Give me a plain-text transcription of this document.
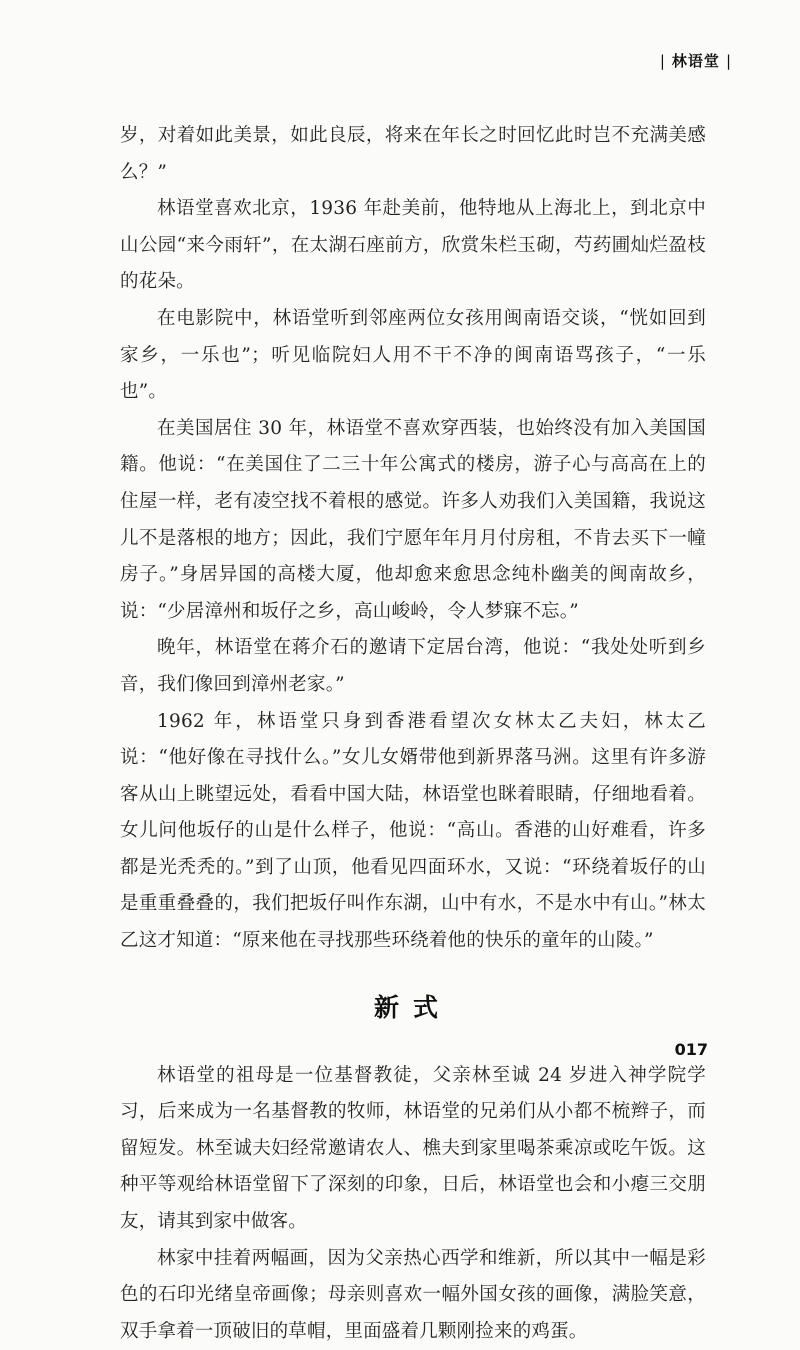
| 林语堂 |

岁，对着如此美景，如此良辰，将来在年长之时回忆此时岂不充满美感么？”

林语堂喜欢北京，1936 年赴美前，他特地从上海北上，到北京中山公园“来今雨轩”，在太湖石座前方，欣赏朱栏玉砌，芍药圃灿烂盈枝的花朵。

在电影院中，林语堂听到邻座两位女孩用闽南语交谈，“恍如回到家乡，一乐也”；听见临院妇人用不干不净的闽南语骂孩子，“一乐也”。

在美国居住 30 年，林语堂不喜欢穿西装，也始终没有加入美国国籍。他说：“在美国住了二三十年公寓式的楼房，游子心与高高在上的住屋一样，老有凌空找不着根的感觉。许多人劝我们入美国籍，我说这儿不是落根的地方；因此，我们宁愿年年月月付房租，不肯去买下一幢房子。”身居异国的高楼大厦，他却愈来愈思念纯朴幽美的闽南故乡，说：“少居漳州和坂仔之乡，高山峻岭，令人梦寐不忘。”

晚年，林语堂在蒋介石的邀请下定居台湾，他说：“我处处听到乡音，我们像回到漳州老家。”

1962 年，林语堂只身到香港看望次女林太乙夫妇，林太乙说：“他好像在寻找什么。”女儿女婿带他到新界落马洲。这里有许多游客从山上眺望远处，看看中国大陆，林语堂也眯着眼睛，仔细地看着。女儿问他坂仔的山是什么样子，他说：“高山。香港的山好难看，许多都是光秃秃的。”到了山顶，他看见四面环水，又说：“环绕着坂仔的山是重重叠叠的，我们把坂仔叫作东湖，山中有水，不是水中有山。”林太乙这才知道：“原来他在寻找那些环绕着他的快乐的童年的山陵。”

新式

林语堂的祖母是一位基督教徒，父亲林至诚 24 岁进入神学院学习，后来成为一名基督教的牧师，林语堂的兄弟们从小都不梳辫子，而留短发。林至诚夫妇经常邀请农人、樵夫到家里喝茶乘凉或吃午饭。这种平等观给林语堂留下了深刻的印象，日后，林语堂也会和小瘪三交朋友，请其到家中做客。

林家中挂着两幅画，因为父亲热心西学和维新，所以其中一幅是彩色的石印光绪皇帝画像；母亲则喜欢一幅外国女孩的画像，满脸笑意，双手拿着一顶破旧的草帽，里面盛着几颗刚捡来的鸡蛋。

017
